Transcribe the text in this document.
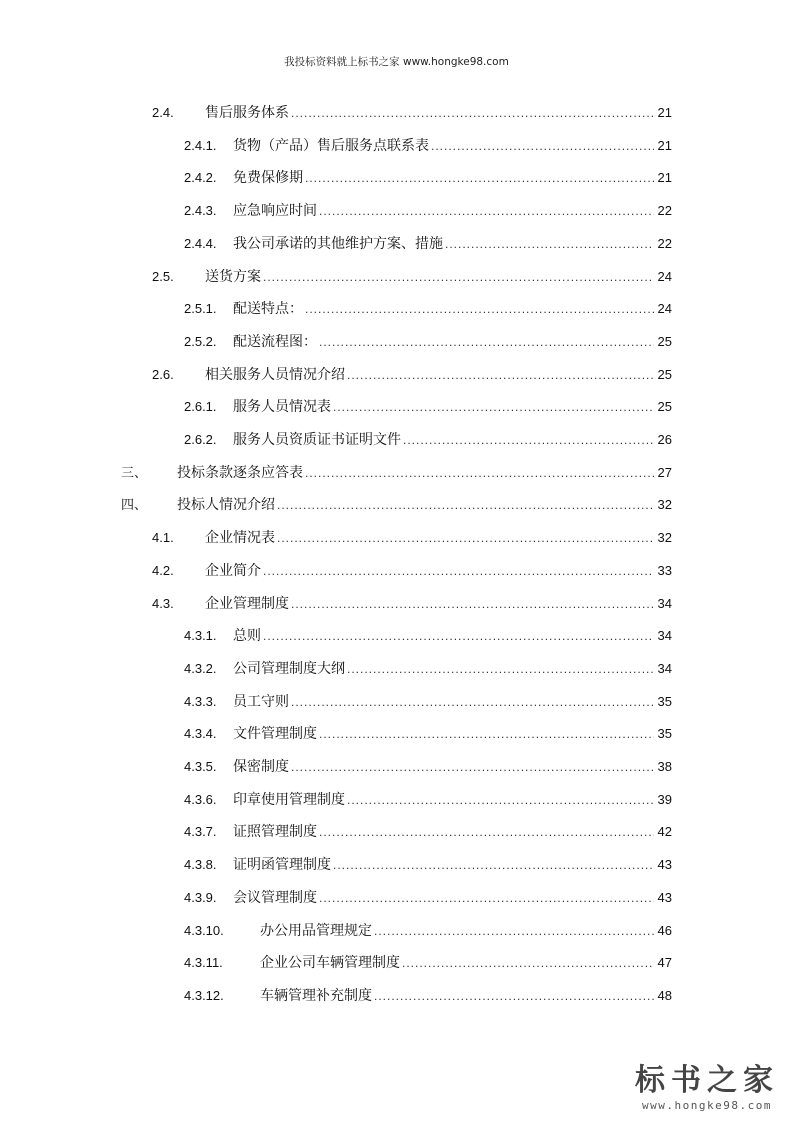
我投标资料就上标书之家 www.hongke98.com
2.4.	售后服务体系 .....	21
2.4.1.	货物（产品）售后服务点联系表 .....	21
2.4.2.	免费保修期 .....	21
2.4.3.	应急响应时间 .....	22
2.4.4.	我公司承诺的其他维护方案、措施 .....	22
2.5.	送货方案 .....	24
2.5.1.	配送特点： .....	24
2.5.2.	配送流程图： .....	25
2.6.	相关服务人员情况介绍 .....	25
2.6.1.	服务人员情况表 .....	25
2.6.2.	服务人员资质证书证明文件 .....	26
三、	投标条款逐条应答表 .....	27
四、	投标人情况介绍 .....	32
4.1.	企业情况表 .....	32
4.2.	企业简介 .....	33
4.3.	企业管理制度 .....	34
4.3.1.	总则 .....	34
4.3.2.	公司管理制度大纲 .....	34
4.3.3.	员工守则 .....	35
4.3.4.	文件管理制度 .....	35
4.3.5.	保密制度 .....	38
4.3.6.	印章使用管理制度 .....	39
4.3.7.	证照管理制度 .....	42
4.3.8.	证明函管理制度 .....	43
4.3.9.	会议管理制度 .....	43
4.3.10.	办公用品管理规定 .....	46
4.3.11.	企业公司车辆管理制度 .....	47
4.3.12.	车辆管理补充制度 .....	48
标书之家
www.hongke98.com
